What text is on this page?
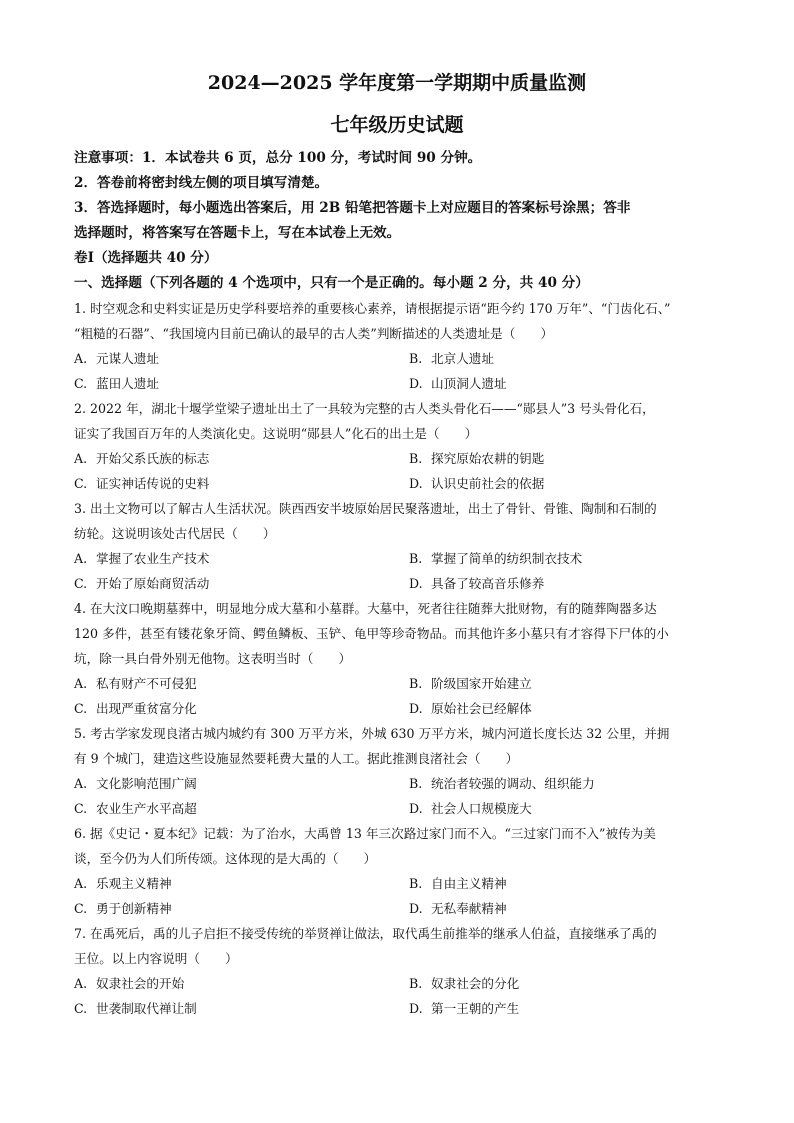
2024—2025 学年度第一学期期中质量监测
七年级历史试题

注意事项：1．本试卷共 6 页，总分 100 分，考试时间 90 分钟。

2．答卷前将密封线左侧的项目填写清楚。

3．答选择题时，每小题选出答案后，用 2B 铅笔把答题卡上对应题目的答案标号涂黑；答非

选择题时，将答案写在答题卡上，写在本试卷上无效。

卷Ⅰ（选择题共 40 分）

一、选择题（下列各题的 4 个选项中，只有一个是正确的。每小题 2 分，共 40 分）

1. 时空观念和史料实证是历史学科要培养的重要核心素养，请根据提示语“距今约 170 万年”、“门齿化石、”

“粗糙的石器”、“我国境内目前已确认的最早的古人类”判断描述的人类遗址是（　　）

A. 元谋人遗址	B. 北京人遗址
C. 蓝田人遗址	D. 山顶洞人遗址

2. 2022 年，湖北十堰学堂梁子遗址出土了一具较为完整的古人类头骨化石——“郧县人”3 号头骨化石，

证实了我国百万年的人类演化史。这说明“郧县人”化石的出土是（　　）

A. 开始父系氏族的标志	B. 探究原始农耕的钥匙
C. 证实神话传说的史料	D. 认识史前社会的依据

3. 出土文物可以了解古人生活状况。陕西西安半坡原始居民聚落遗址，出土了骨针、骨锥、陶制和石制的

纺轮。这说明该处古代居民（　　）

A. 掌握了农业生产技术	B. 掌握了简单的纺织制衣技术
C. 开始了原始商贸活动	D. 具备了较高音乐修养

4. 在大汶口晚期墓葬中，明显地分成大墓和小墓群。大墓中，死者往往随葬大批财物，有的随葬陶器多达

120 多件，甚至有镂花象牙筒、鳄鱼鳞板、玉铲、龟甲等珍奇物品。而其他许多小墓只有才容得下尸体的小

坑，除一具白骨外别无他物。这表明当时（　　）

A. 私有财产不可侵犯	B. 阶级国家开始建立
C. 出现严重贫富分化	D. 原始社会已经解体

5. 考古学家发现良渚古城内城约有 300 万平方米，外城 630 万平方米，城内河道长度长达 32 公里，并拥

有 9 个城门，建造这些设施显然要耗费大量的人工。据此推测良渚社会（　　）

A. 文化影响范围广阔	B. 统治者较强的调动、组织能力
C. 农业生产水平高超	D. 社会人口规模庞大

6. 据《史记・夏本纪》记载：为了治水，大禹曾 13 年三次路过家门而不入。“三过家门而不入”被传为美

谈，至今仍为人们所传颂。这体现的是大禹的（　　）

A. 乐观主义精神	B. 自由主义精神
C. 勇于创新精神	D. 无私奉献精神

7. 在禹死后，禹的儿子启拒不接受传统的举贤禅让做法，取代禹生前推举的继承人伯益，直接继承了禹的

王位。以上内容说明（　　）

A. 奴隶社会的开始	B. 奴隶社会的分化
C. 世袭制取代禅让制	D. 第一王朝的产生
